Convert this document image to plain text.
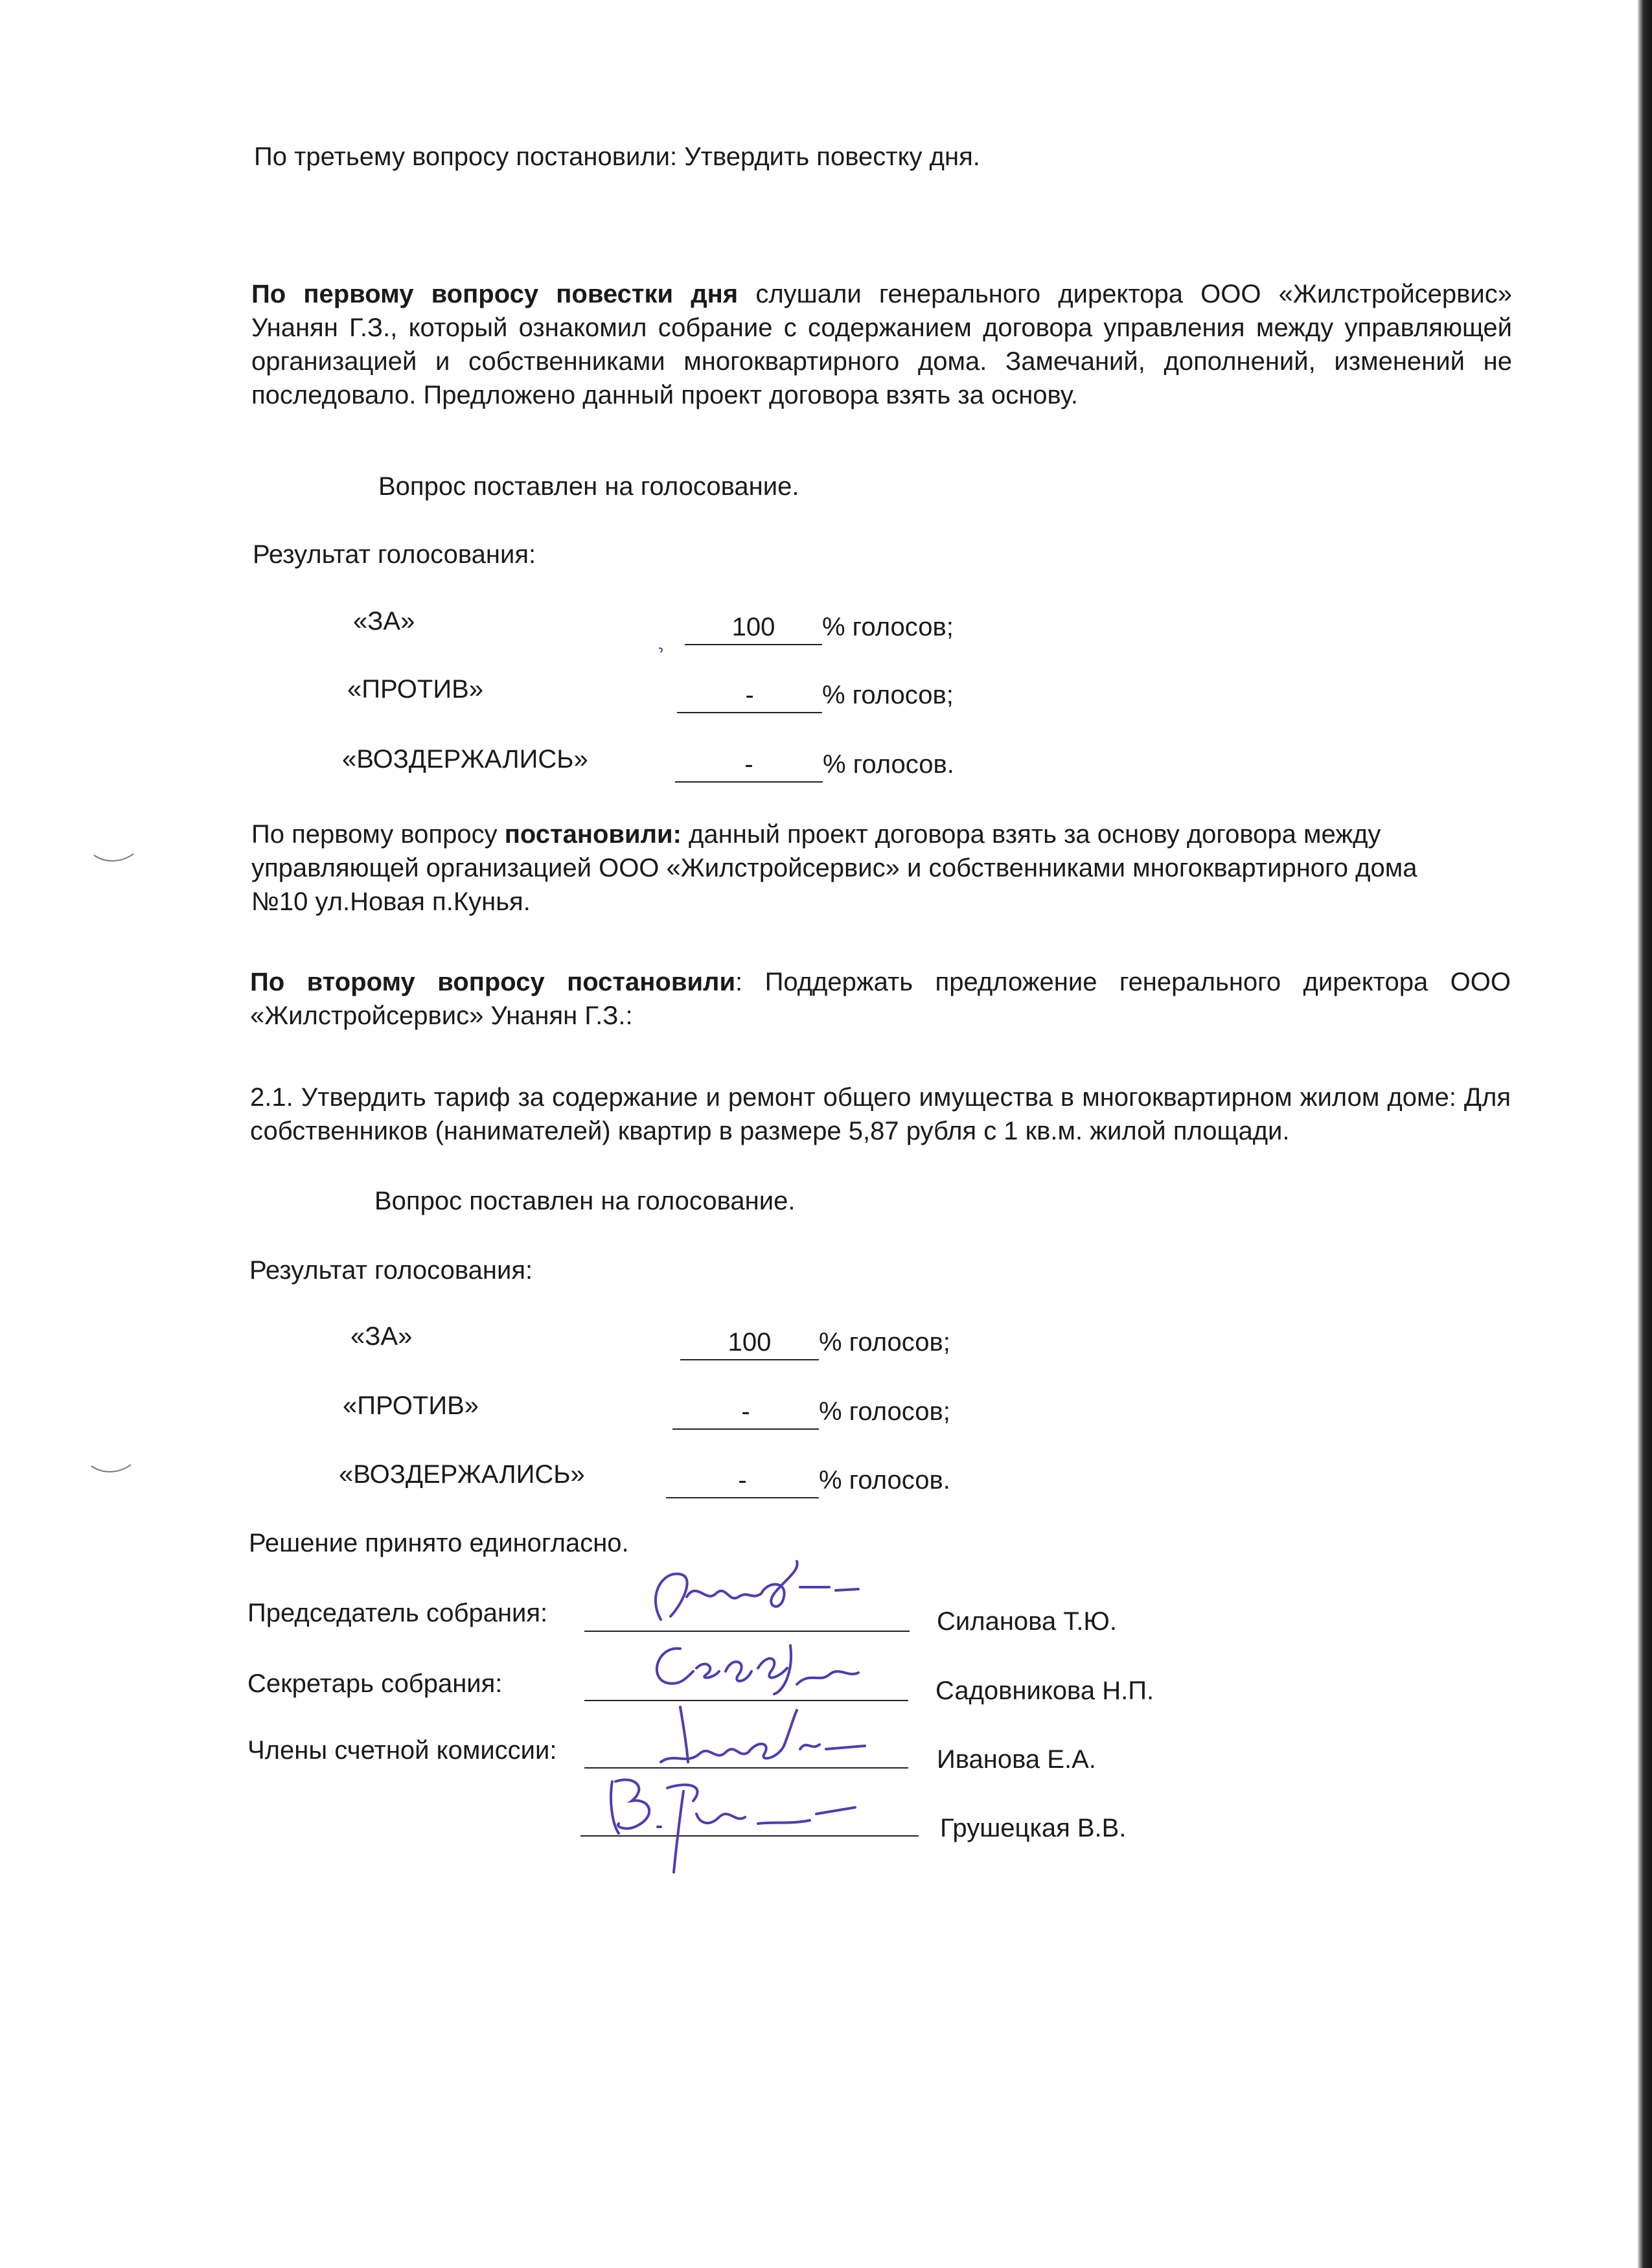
По третьему вопросу постановили: Утвердить повестку дня.
По первому вопросу повестки дня слушали генерального директора ООО «Жилстройсервис» Унанян Г.З., который ознакомил собрание с содержанием договора управления между управляющей организацией и собственниками многоквартирного дома. Замечаний, дополнений, изменений не последовало. Предложено данный проект договора взять за основу.
Вопрос поставлен на голосование.
Результат голосования:
«ЗА»	100	% голосов;
«ПРОТИВ»	-	% голосов;
«ВОЗДЕРЖАЛИСЬ»	-	% голосов.
По первому вопросу постановили: данный проект договора взять за основу договора между управляющей организацией ООО «Жилстройсервис» и собственниками многоквартирного дома №10 ул.Новая п.Кунья.
По второму вопросу постановили: Поддержать предложение генерального директора ООО «Жилстройсервис» Унанян Г.З.:
2.1. Утвердить тариф за содержание и ремонт общего имущества в многоквартирном жилом доме: Для собственников (нанимателей) квартир в размере 5,87 рубля с 1 кв.м. жилой площади.
Вопрос поставлен на голосование.
Результат голосования:
«ЗА»	100	% голосов;
«ПРОТИВ»	-	% голосов;
«ВОЗДЕРЖАЛИСЬ»	-	% голосов.
Решение принято единогласно.
Председатель собрания:	Силанова Т.Ю.
Секретарь собрания:	Садовникова Н.П.
Члены счетной комиссии:	Иванова Е.А.
Грушецкая В.В.
